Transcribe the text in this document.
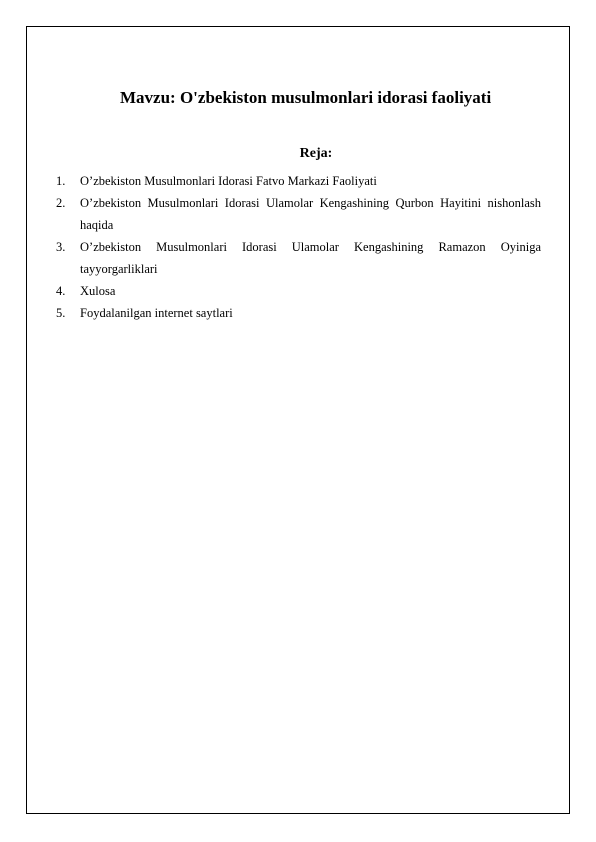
Mavzu: O'zbekiston musulmonlari idorasi faoliyati
Reja:
1.	O’zbekiston Musulmonlari Idorasi Fatvo Markazi Faoliyati
2.	O’zbekiston Musulmonlari Idorasi Ulamolar Kengashining Qurbon Hayitini nishonlash haqida
3.	O’zbekiston Musulmonlari Idorasi Ulamolar Kengashining Ramazon Oyiniga tayyorgarliklari
4.	Xulosa
5.	Foydalanilgan internet saytlari
